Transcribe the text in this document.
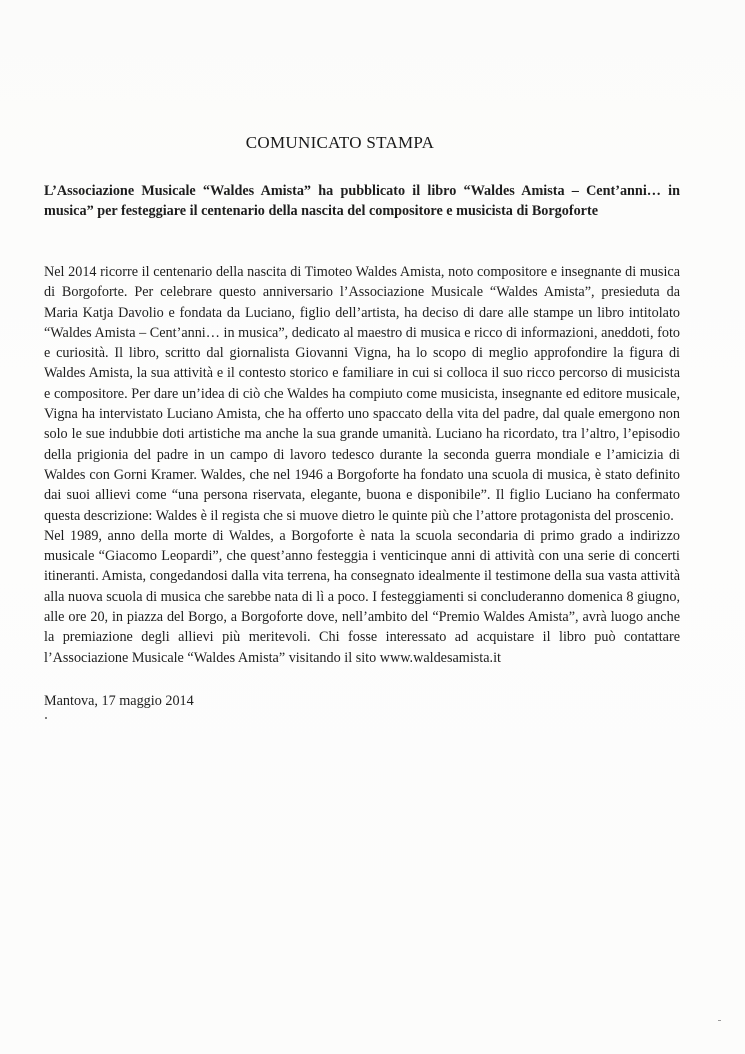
COMUNICATO STAMPA

L’Associazione Musicale “Waldes Amista” ha pubblicato il libro “Waldes Amista – Cent’anni… in musica” per festeggiare il centenario della nascita del compositore e musicista di Borgoforte

Nel 2014 ricorre il centenario della nascita di Timoteo Waldes Amista, noto compositore e insegnante di musica di Borgoforte. Per celebrare questo anniversario l’Associazione Musicale “Waldes Amista”, presieduta da Maria Katja Davolio e fondata da Luciano, figlio dell’artista, ha deciso di dare alle stampe un libro intitolato “Waldes Amista – Cent’anni… in musica”, dedicato al maestro di musica e ricco di informazioni, aneddoti, foto e curiosità. Il libro, scritto dal giornalista Giovanni Vigna, ha lo scopo di meglio approfondire la figura di Waldes Amista, la sua attività e il contesto storico e familiare in cui si colloca il suo ricco percorso di musicista e compositore. Per dare un’idea di ciò che Waldes ha compiuto come musicista, insegnante ed editore musicale, Vigna ha intervistato Luciano Amista, che ha offerto uno spaccato della vita del padre, dal quale emergono non solo le sue indubbie doti artistiche ma anche la sua grande umanità. Luciano ha ricordato, tra l’altro, l’episodio della prigionia del padre in un campo di lavoro tedesco durante la seconda guerra mondiale e l’amicizia di Waldes con Gorni Kramer. Waldes, che nel 1946 a Borgoforte ha fondato una scuola di musica, è stato definito dai suoi allievi come “una persona riservata, elegante, buona e disponibile”. Il figlio Luciano ha confermato questa descrizione: Waldes è il regista che si muove dietro le quinte più che l’attore protagonista del proscenio.

Nel 1989, anno della morte di Waldes, a Borgoforte è nata la scuola secondaria di primo grado a indirizzo musicale “Giacomo Leopardi”, che quest’anno festeggia i venticinque anni di attività con una serie di concerti itineranti. Amista, congedandosi dalla vita terrena, ha consegnato idealmente il testimone della sua vasta attività alla nuova scuola di musica che sarebbe nata di lì a poco. I festeggiamenti si concluderanno domenica 8 giugno, alle ore 20, in piazza del Borgo, a Borgoforte dove, nell’ambito del “Premio Waldes Amista”, avrà luogo anche la premiazione degli allievi più meritevoli. Chi fosse interessato ad acquistare il libro può contattare l’Associazione Musicale “Waldes Amista” visitando il sito www.waldesamista.it

Mantova, 17 maggio 2014
